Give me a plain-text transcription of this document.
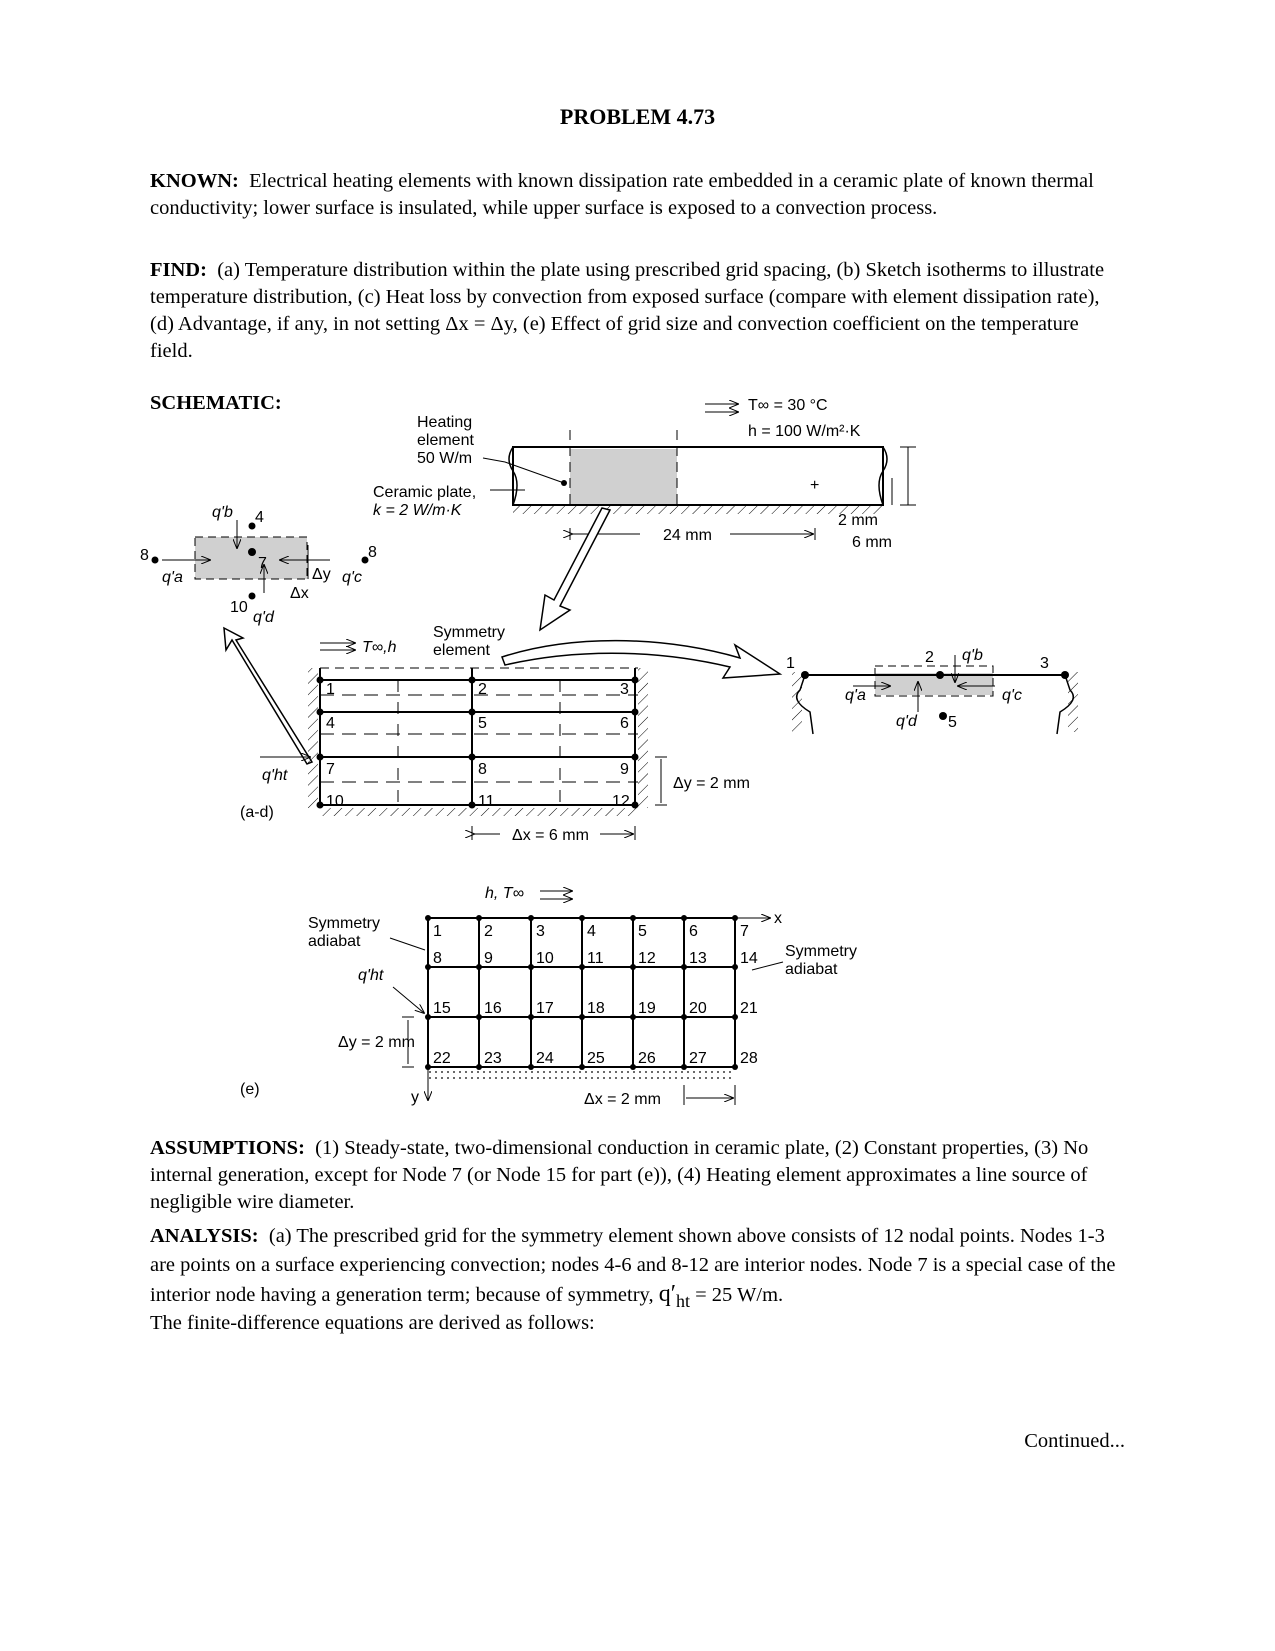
PROBLEM 4.73
KNOWN: Electrical heating elements with known dissipation rate embedded in a ceramic plate of known thermal conductivity; lower surface is insulated, while upper surface is exposed to a convection process.
FIND: (a) Temperature distribution within the plate using prescribed grid spacing, (b) Sketch isotherms to illustrate temperature distribution, (c) Heat loss by convection from exposed surface (compare with element dissipation rate), (d) Advantage, if any, in not setting Δx = Δy, (e) Effect of grid size and convection coefficient on the temperature field.
SCHEMATIC:
+
Heating
element
50 W/m
Ceramic plate,
k = 2 W/m·K
T∞ = 30 °C
h = 100 W/m²·K
24 mm
2 mm
6 mm
q'b 4
7
8	8
q'a	q'c
Δy
Δx
10
q'd
1	2	3
5
q'a
q'b
q'c
q'd
T∞,h
Symmetry
element
1	2	3
4	5	6
7	8	9
10	11	12
q'ht	Δy = 2 mm
Δx = 6 mm
(a-d)
h, T∞
x
y
1	2	3	4	5	6	7
8	9	10 11 12 13 14
15 16 17 18 19 20 21
22 23 24 25 26 27 28
Symmetry
adiabat
Symmetry
adiabat
q'ht
Δy = 2 mm
Δx = 2 mm
(e)
ASSUMPTIONS: (1) Steady-state, two-dimensional conduction in ceramic plate, (2) Constant properties, (3) No internal generation, except for Node 7 (or Node 15 for part (e)), (4) Heating element approximates a line source of negligible wire diameter.
ANALYSIS: (a) The prescribed grid for the symmetry element shown above consists of 12 nodal points. Nodes 1-3 are points on a surface experiencing convection; nodes 4-6 and 8-12 are interior nodes. Node 7 is a special case of the interior node having a generation term; because of symmetry, $q'_{ht} = 25$ W/m.
The finite-difference equations are derived as follows:
Continued...
